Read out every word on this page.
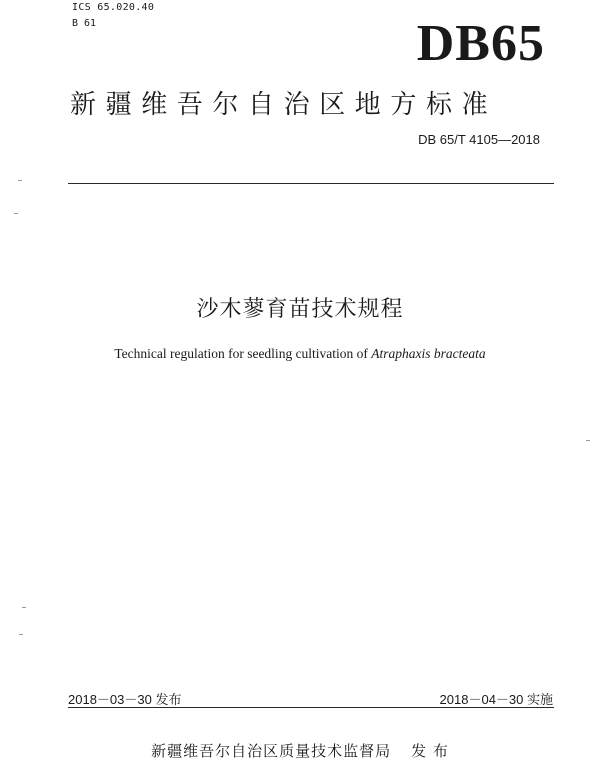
ICS 65.020.40
B 61	DB65
新疆维吾尔自治区地方标准
DB 65/T 4105—2018
沙木蓼育苗技术规程
Technical regulation for seedling cultivation of Atraphaxis bracteata
2018－03－30 发布	2018－04－30 实施
新疆维吾尔自治区质量技术监督局 发 布
